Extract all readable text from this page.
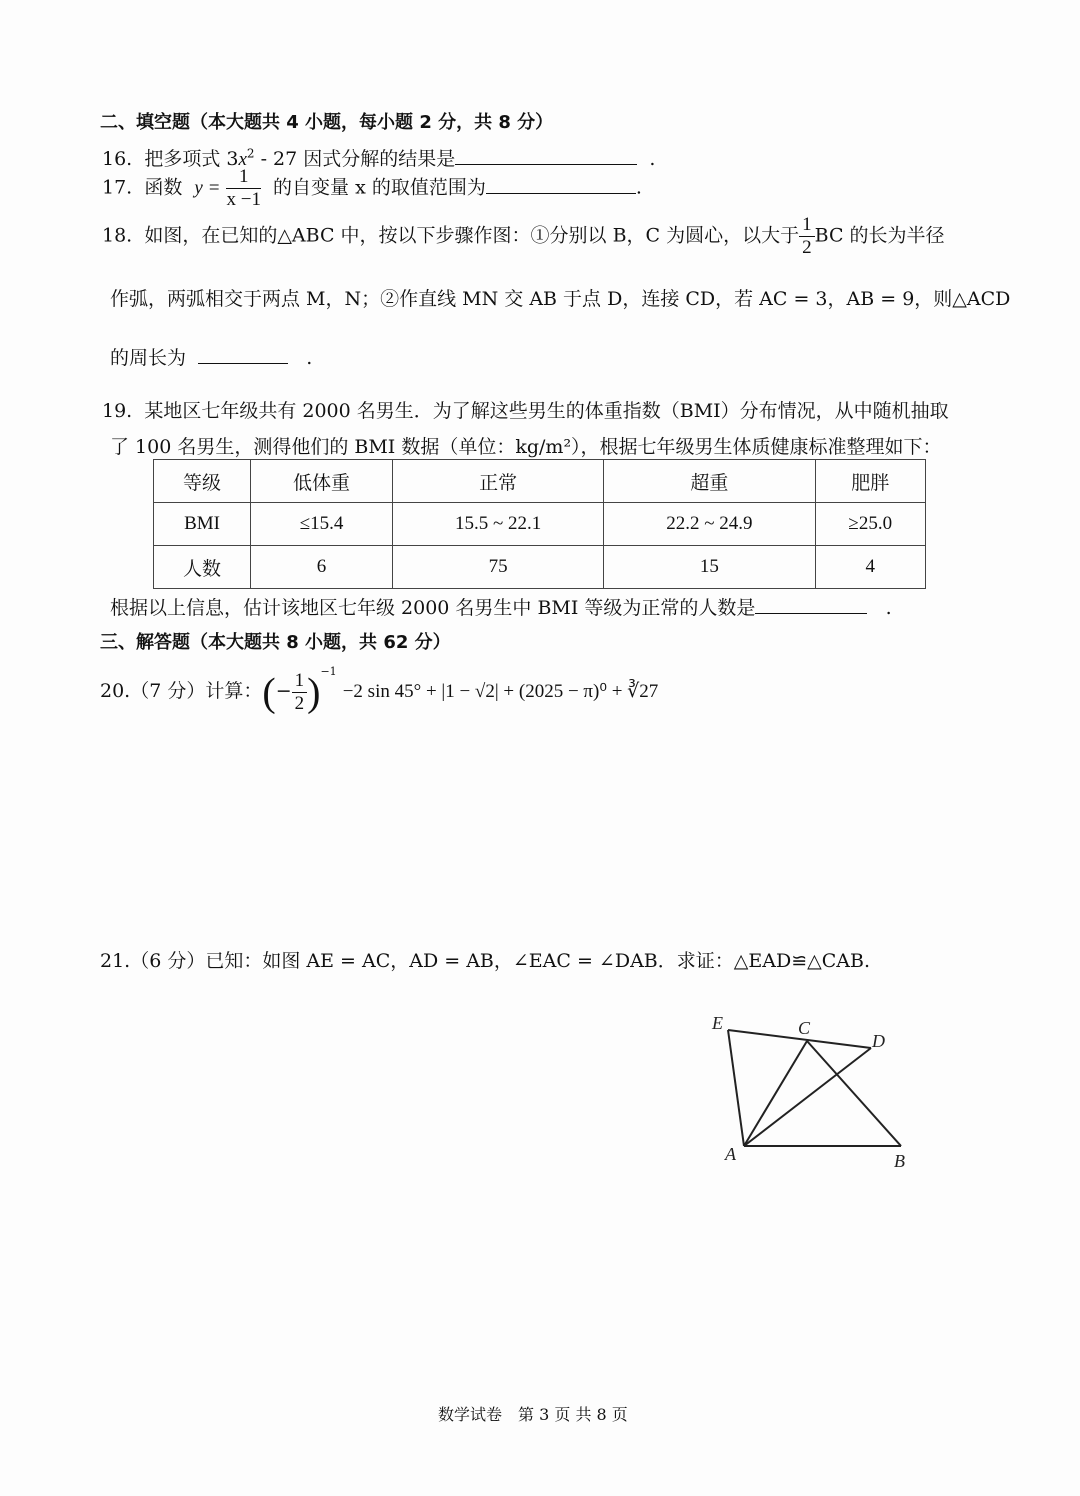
二、填空题（本大题共 4 小题，每小题 2 分，共 8 分）
16. 把多项式 $3x^2 - 27$ 因式分解的结果是	.
17. 函数 $y = \frac{1}{x -1}$ 的自变量 x 的取值范围为	.
18. 如图，在已知的△ABC 中，按以下步骤作图：①分别以 B，C 为圆心，以大于 $\frac{1}{2}$ BC 的长为半径
作弧，两弧相交于两点 M，N；②作直线 MN 交 AB 于点 D，连接 CD，若 AC = 3，AB = 9，则△ACD
的周长为	.
19. 某地区七年级共有 2000 名男生．为了解这些男生的体重指数（BMI）分布情况，从中随机抽取
了 100 名男生，测得他们的 BMI 数据（单位：kg/m²），根据七年级男生体质健康标准整理如下：
等级	低体重	正常	超重	肥胖
BMI	≤15.4	15.5 ~ 22.1	22.2 ~ 24.9	≥25.0
人数	6	75	15	4
根据以上信息，估计该地区七年级 2000 名男生中 BMI 等级为正常的人数是	.
三、解答题（本大题共 8 小题，共 62 分）
20.（7 分）计算：(− $\frac{1}{2} )^{-1} -2$ sin 45° + |1 − √2| + (2025 − π)⁰ + ∛27
21.（6 分）已知：如图 AE = AC，AD = AB，∠EAC = ∠DAB．求证：△EAD≌△CAB.
E	C
D
A	B
数学试卷　第 3 页 共 8 页
